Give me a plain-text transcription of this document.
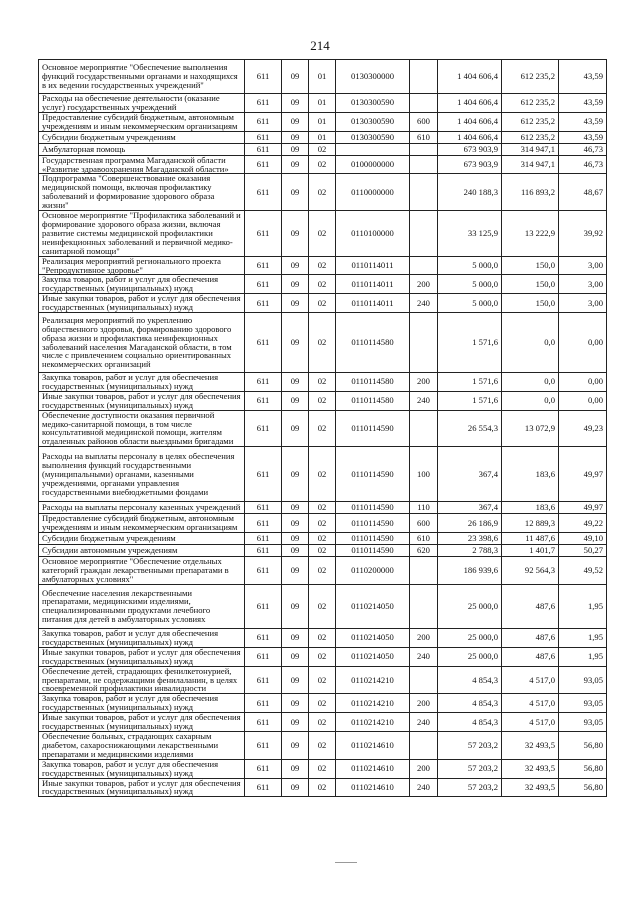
214
Основное мероприятие "Обеспечение выполнения функций государственными органами и находящихся в их ведении государственных учреждений"	611	09	01	0130300000		1 404 606,4	612 235,2	43,59
Расходы на обеспечение деятельности (оказание услуг) государственных учреждений	611	09	01	0130300590		1 404 606,4	612 235,2	43,59
Предоставление субсидий бюджетным, автономным учреждениям и иным некоммерческим организациям	611	09	01	0130300590	600	1 404 606,4	612 235,2	43,59
Субсидии бюджетным учреждениям	611	09	01	0130300590	610	1 404 606,4	612 235,2	43,59
Амбулаторная помощь	611	09	02			673 903,9	314 947,1	46,73
Государственная программа Магаданской области «Развитие здравоохранения Магаданской области»	611	09	02	0100000000		673 903,9	314 947,1	46,73
Подпрограмма "Совершенствование оказания медицинской помощи, включая профилактику заболеваний и формирование здорового образа жизни"	611	09	02	0110000000		240 188,3	116 893,2	48,67
Основное мероприятие "Профилактика заболеваний и формирование здорового образа жизни, включая развитие системы медицинской профилактики неинфекционных заболеваний и первичной медико-санитарной помощи"	611	09	02	0110100000		33 125,9	13 222,9	39,92
Реализация мероприятий регионального проекта "Репродуктивное здоровье"	611	09	02	0110114011		5 000,0	150,0	3,00
Закупка товаров, работ и услуг для обеспечения государственных (муниципальных) нужд	611	09	02	0110114011	200	5 000,0	150,0	3,00
Иные закупки товаров, работ и услуг для обеспечения государственных (муниципальных) нужд	611	09	02	0110114011	240	5 000,0	150,0	3,00
Реализация мероприятий по укреплению общественного здоровья, формированию здорового образа жизни и профилактика неинфекционных заболеваний населения Магаданской области, в том числе с привлечением социально ориентированных некоммерческих организаций	611	09	02	0110114580		1 571,6	0,0	0,00
Закупка товаров, работ и услуг для обеспечения государственных (муниципальных) нужд	611	09	02	0110114580	200	1 571,6	0,0	0,00
Иные закупки товаров, работ и услуг для обеспечения государственных (муниципальных) нужд	611	09	02	0110114580	240	1 571,6	0,0	0,00
Обеспечение доступности оказания первичной медико-санитарной помощи, в том числе консультативной медицинской помощи, жителям отдаленных районов области выездными бригадами	611	09	02	0110114590		26 554,3	13 072,9	49,23
Расходы на выплаты персоналу в целях обеспечения выполнения функций государственными (муниципальными) органами, казенными учреждениями, органами управления государственными внебюджетными фондами	611	09	02	0110114590	100	367,4	183,6	49,97
Расходы на выплаты персоналу казенных учреждений	611	09	02	0110114590	110	367,4	183,6	49,97
Предоставление субсидий бюджетным, автономным учреждениям и иным некоммерческим организациям	611	09	02	0110114590	600	26 186,9	12 889,3	49,22
Субсидии бюджетным учреждениям	611	09	02	0110114590	610	23 398,6	11 487,6	49,10
Субсидии автономным учреждениям	611	09	02	0110114590	620	2 788,3	1 401,7	50,27
Основное мероприятие "Обеспечение отдельных категорий граждан лекарственными препаратами в амбулаторных условиях"	611	09	02	0110200000		186 939,6	92 564,3	49,52
Обеспечение населения лекарственными препаратами, медицинскими изделиями, специализированными продуктами лечебного питания для детей в амбулаторных условиях	611	09	02	0110214050		25 000,0	487,6	1,95
Закупка товаров, работ и услуг для обеспечения государственных (муниципальных) нужд	611	09	02	0110214050	200	25 000,0	487,6	1,95
Иные закупки товаров, работ и услуг для обеспечения государственных (муниципальных) нужд	611	09	02	0110214050	240	25 000,0	487,6	1,95
Обеспечение детей, страдающих фенилкетонурией, препаратами, не содержащими фенилаланин, в целях своевременной профилактики инвалидности	611	09	02	0110214210		4 854,3	4 517,0	93,05
Закупка товаров, работ и услуг для обеспечения государственных (муниципальных) нужд	611	09	02	0110214210	200	4 854,3	4 517,0	93,05
Иные закупки товаров, работ и услуг для обеспечения государственных (муниципальных) нужд	611	09	02	0110214210	240	4 854,3	4 517,0	93,05
Обеспечение больных, страдающих сахарным диабетом, сахароснижающими лекарственными препаратами и медицинскими изделиями	611	09	02	0110214610		57 203,2	32 493,5	56,80
Закупка товаров, работ и услуг для обеспечения государственных (муниципальных) нужд	611	09	02	0110214610	200	57 203,2	32 493,5	56,80
Иные закупки товаров, работ и услуг для обеспечения государственных (муниципальных) нужд	611	09	02	0110214610	240	57 203,2	32 493,5	56,80
